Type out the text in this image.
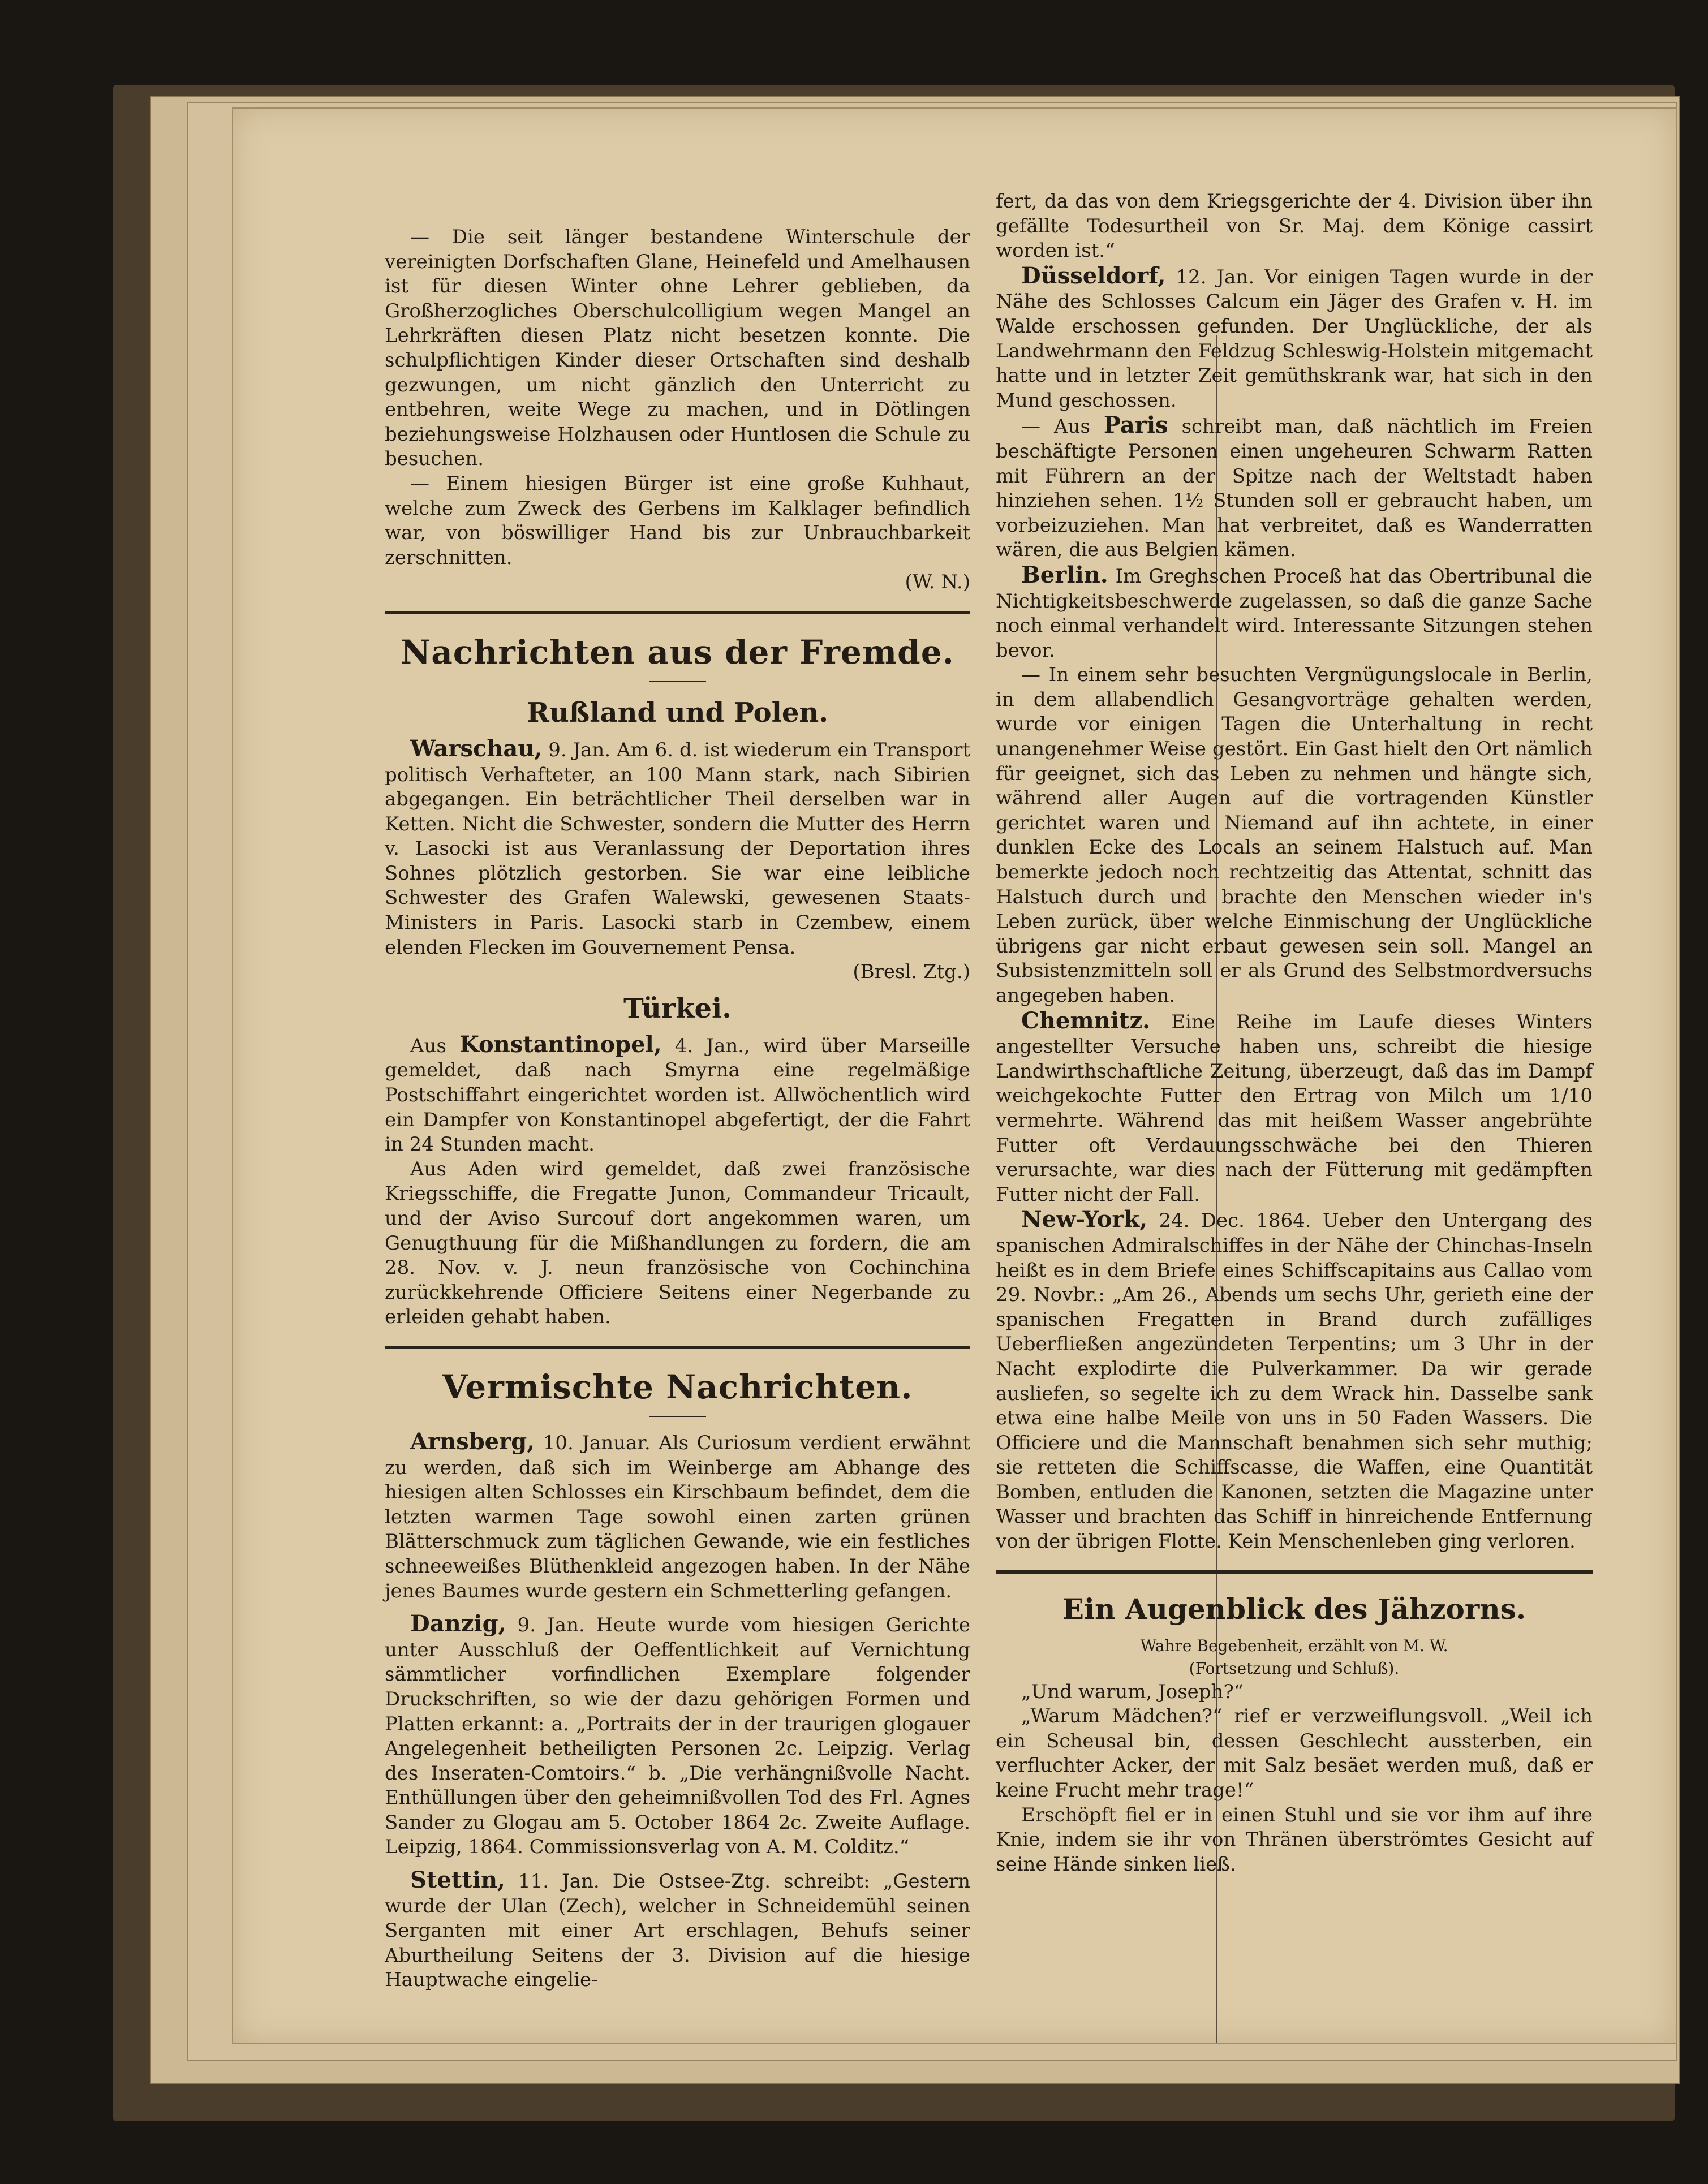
— Die seit länger bestandene Winterschule der vereinigten Dorfschaften Glane, Heinefeld und Amelhausen ist für diesen Winter ohne Lehrer geblieben, da Großherzogliches Oberschulcolligium wegen Mangel an Lehrkräften diesen Platz nicht besetzen konnte. Die schulpflichtigen Kinder dieser Ortschaften sind deshalb gezwungen, um nicht gänzlich den Unterricht zu entbehren, weite Wege zu machen, und in Dötlingen beziehungsweise Holzhausen oder Huntlosen die Schule zu besuchen.

— Einem hiesigen Bürger ist eine große Kuhhaut, welche zum Zweck des Gerbens im Kalklager befindlich war, von böswilliger Hand bis zur Unbrauchbarkeit zerschnitten.

(W. N.)

Nachrichten aus der Fremde.
Rußland und Polen.

Warschau, 9. Jan. Am 6. d. ist wiederum ein Transport politisch Verhafteter, an 100 Mann stark, nach Sibirien abgegangen. Ein beträchtlicher Theil derselben war in Ketten. Nicht die Schwester, sondern die Mutter des Herrn v. Lasocki ist aus Veranlassung der Deportation ihres Sohnes plötzlich gestorben. Sie war eine leibliche Schwester des Grafen Walewski, gewesenen Staats-Ministers in Paris. Lasocki starb in Czembew, einem elenden Flecken im Gouvernement Pensa.

(Bresl. Ztg.)

Türkei.

Aus Konstantinopel, 4. Jan., wird über Marseille gemeldet, daß nach Smyrna eine regelmäßige Postschiffahrt eingerichtet worden ist. Allwöchentlich wird ein Dampfer von Konstantinopel abgefertigt, der die Fahrt in 24 Stunden macht.

Aus Aden wird gemeldet, daß zwei französische Kriegsschiffe, die Fregatte Junon, Commandeur Tricault, und der Aviso Surcouf dort angekommen waren, um Genugthuung für die Mißhandlungen zu fordern, die am 28. Nov. v. J. neun französische von Cochinchina zurückkehrende Officiere Seitens einer Negerbande zu erleiden gehabt haben.

Vermischte Nachrichten.

Arnsberg, 10. Januar. Als Curiosum verdient erwähnt zu werden, daß sich im Weinberge am Abhange des hiesigen alten Schlosses ein Kirschbaum befindet, dem die letzten warmen Tage sowohl einen zarten grünen Blätterschmuck zum täglichen Gewande, wie ein festliches schneeweißes Blüthenkleid angezogen haben. In der Nähe jenes Baumes wurde gestern ein Schmetterling gefangen.

Danzig, 9. Jan. Heute wurde vom hiesigen Gerichte unter Ausschluß der Oeffentlichkeit auf Vernichtung sämmtlicher vorfindlichen Exemplare folgender Druckschriften, so wie der dazu gehörigen Formen und Platten erkannt: a. „Portraits der in der traurigen glogauer Angelegenheit betheiligten Personen 2c. Leipzig. Verlag des Inseraten-Comtoirs.“ b. „Die verhängnißvolle Nacht. Enthüllungen über den geheimnißvollen Tod des Frl. Agnes Sander zu Glogau am 5. October 1864 2c. Zweite Auflage. Leipzig, 1864. Commissionsverlag von A. M. Colditz.“

Stettin, 11. Jan. Die Ostsee-Ztg. schreibt: „Gestern wurde der Ulan (Zech), welcher in Schneidemühl seinen Serganten mit einer Art erschlagen, Behufs seiner Aburtheilung Seitens der 3. Division auf die hiesige Hauptwache eingelie-

fert, da das von dem Kriegsgerichte der 4. Division über ihn gefällte Todesurtheil von Sr. Maj. dem Könige cassirt worden ist.“

Düsseldorf, 12. Jan. Vor einigen Tagen wurde in der Nähe des Schlosses Calcum ein Jäger des Grafen v. H. im Walde erschossen gefunden. Der Unglückliche, der als Landwehrmann den Feldzug Schleswig-Holstein mitgemacht hatte und in letzter Zeit gemüthskrank war, hat sich in den Mund geschossen.

— Aus Paris schreibt man, daß nächtlich im Freien beschäftigte Personen einen ungeheuren Schwarm Ratten mit Führern an der Spitze nach der Weltstadt haben hinziehen sehen. 1½ Stunden soll er gebraucht haben, um vorbeizuziehen. Man hat verbreitet, daß es Wanderratten wären, die aus Belgien kämen.

Berlin. Im Greghschen Proceß hat das Obertribunal die Nichtigkeitsbeschwerde zugelassen, so daß die ganze Sache noch einmal verhandelt wird. Interessante Sitzungen stehen bevor.

— In einem sehr besuchten Vergnügungslocale in Berlin, in dem allabendlich Gesangvorträge gehalten werden, wurde vor einigen Tagen die Unterhaltung in recht unangenehmer Weise gestört. Ein Gast hielt den Ort nämlich für geeignet, sich das Leben zu nehmen und hängte sich, während aller Augen auf die vortragenden Künstler gerichtet waren und Niemand auf ihn achtete, in einer dunklen Ecke des Locals an seinem Halstuch auf. Man bemerkte jedoch noch rechtzeitig das Attentat, schnitt das Halstuch durch und brachte den Menschen wieder in's Leben zurück, über welche Einmischung der Unglückliche übrigens gar nicht erbaut gewesen sein soll. Mangel an Subsistenzmitteln soll er als Grund des Selbstmordversuchs angegeben haben.

Chemnitz. Eine Reihe im Laufe dieses Winters angestellter Versuche haben uns, schreibt die hiesige Landwirthschaftliche Zeitung, überzeugt, daß das im Dampf weichgekochte Futter den Ertrag von Milch um 1/10 vermehrte. Während das mit heißem Wasser angebrühte Futter oft Verdauungsschwäche bei den Thieren verursachte, war dies nach der Fütterung mit gedämpften Futter nicht der Fall.

New-York, 24. Dec. 1864. Ueber den Untergang des spanischen Admiralschiffes in der Nähe der Chinchas-Inseln heißt es in dem Briefe eines Schiffscapitains aus Callao vom 29. Novbr.: „Am 26., Abends um sechs Uhr, gerieth eine der spanischen Fregatten in Brand durch zufälliges Ueberfließen angezündeten Terpentins; um 3 Uhr in der Nacht explodirte die Pulverkammer. Da wir gerade ausliefen, so segelte ich zu dem Wrack hin. Dasselbe sank etwa eine halbe Meile von uns in 50 Faden Wassers. Die Officiere und die Mannschaft benahmen sich sehr muthig; sie retteten die Schiffscasse, die Waffen, eine Quantität Bomben, entluden die Kanonen, setzten die Magazine unter Wasser und brachten das Schiff in hinreichende Entfernung von der übrigen Flotte. Kein Menschenleben ging verloren.

Ein Augenblick des Jähzorns.

Wahre Begebenheit, erzählt von M. W.

(Fortsetzung und Schluß).

„Und warum, Joseph?“

„Warum Mädchen?“ rief er verzweiflungsvoll. „Weil ich ein Scheusal bin, dessen Geschlecht aussterben, ein verfluchter Acker, der mit Salz besäet werden muß, daß er keine Frucht mehr trage!“

Erschöpft fiel er in einen Stuhl und sie vor ihm auf ihre Knie, indem sie ihr von Thränen überströmtes Gesicht auf seine Hände sinken ließ.
